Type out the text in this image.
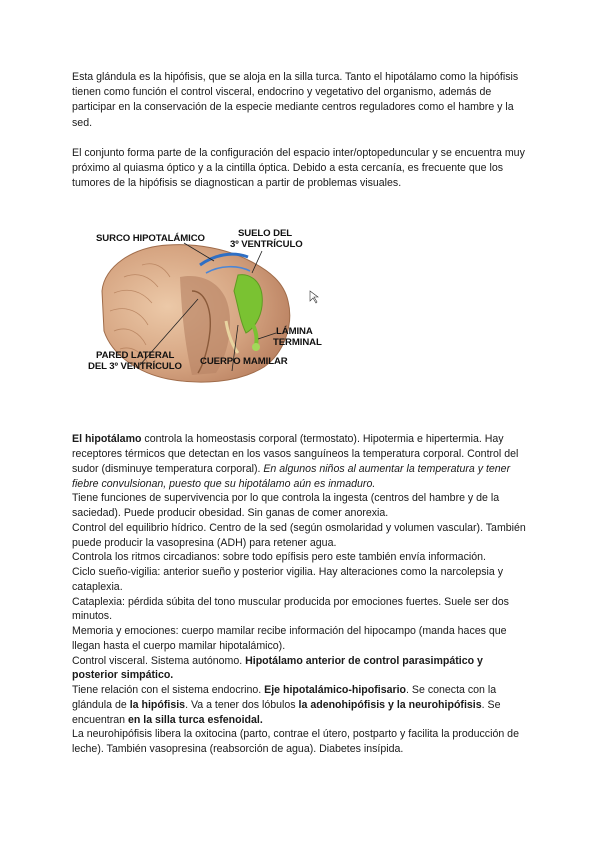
Esta glándula es la hipófisis, que se aloja en la silla turca. Tanto el hipotálamo como la hipófisis tienen como función el control visceral, endocrino y vegetativo del organismo, además de participar en la conservación de la especie mediante centros reguladores como el hambre y la sed.

El conjunto forma parte de la configuración del espacio inter/optopeduncular y se encuentra muy próximo al quiasma óptico y a la cintilla óptica. Debido a esta cercanía, es frecuente que los tumores de la hipófisis se diagnostican a partir de problemas visuales.

SURCO HIPOTALÁMICO	SUELO DEL
3º VENTRÍCULO
LÁMINA
TERMINAL
PARED LATERAL
DEL 3º VENTRÍCULO CUERPO MAMILAR

El hipotálamo controla la homeostasis corporal (termostato). Hipotermia e hipertermia. Hay receptores térmicos que detectan en los vasos sanguíneos la temperatura corporal. Control del sudor (disminuye temperatura corporal). En algunos niños al aumentar la temperatura y tener fiebre convulsionan, puesto que su hipotálamo aún es inmaduro.

Tiene funciones de supervivencia por lo que controla la ingesta (centros del hambre y de la saciedad). Puede producir obesidad. Sin ganas de comer anorexia.

Control del equilibrio hídrico. Centro de la sed (según osmolaridad y volumen vascular). También puede producir la vasopresina (ADH) para retener agua.

Controla los ritmos circadianos: sobre todo epífisis pero este también envía información.

Ciclo sueño-vigilia: anterior sueño y posterior vigilia. Hay alteraciones como la narcolepsia y cataplexia.

Cataplexia: pérdida súbita del tono muscular producida por emociones fuertes. Suele ser dos minutos.

Memoria y emociones: cuerpo mamilar recibe información del hipocampo (manda haces que llegan hasta el cuerpo mamilar hipotalámico).

Control visceral. Sistema autónomo. Hipotálamo anterior de control parasimpático y posterior simpático.

Tiene relación con el sistema endocrino. Eje hipotalámico-hipofisario. Se conecta con la glándula de la hipófisis. Va a tener dos lóbulos la adenohipófisis y la neurohipófisis. Se encuentran en la silla turca esfenoidal.

La neurohipófisis libera la oxitocina (parto, contrae el útero, postparto y facilita la producción de leche). También vasopresina (reabsorción de agua). Diabetes insípida.
